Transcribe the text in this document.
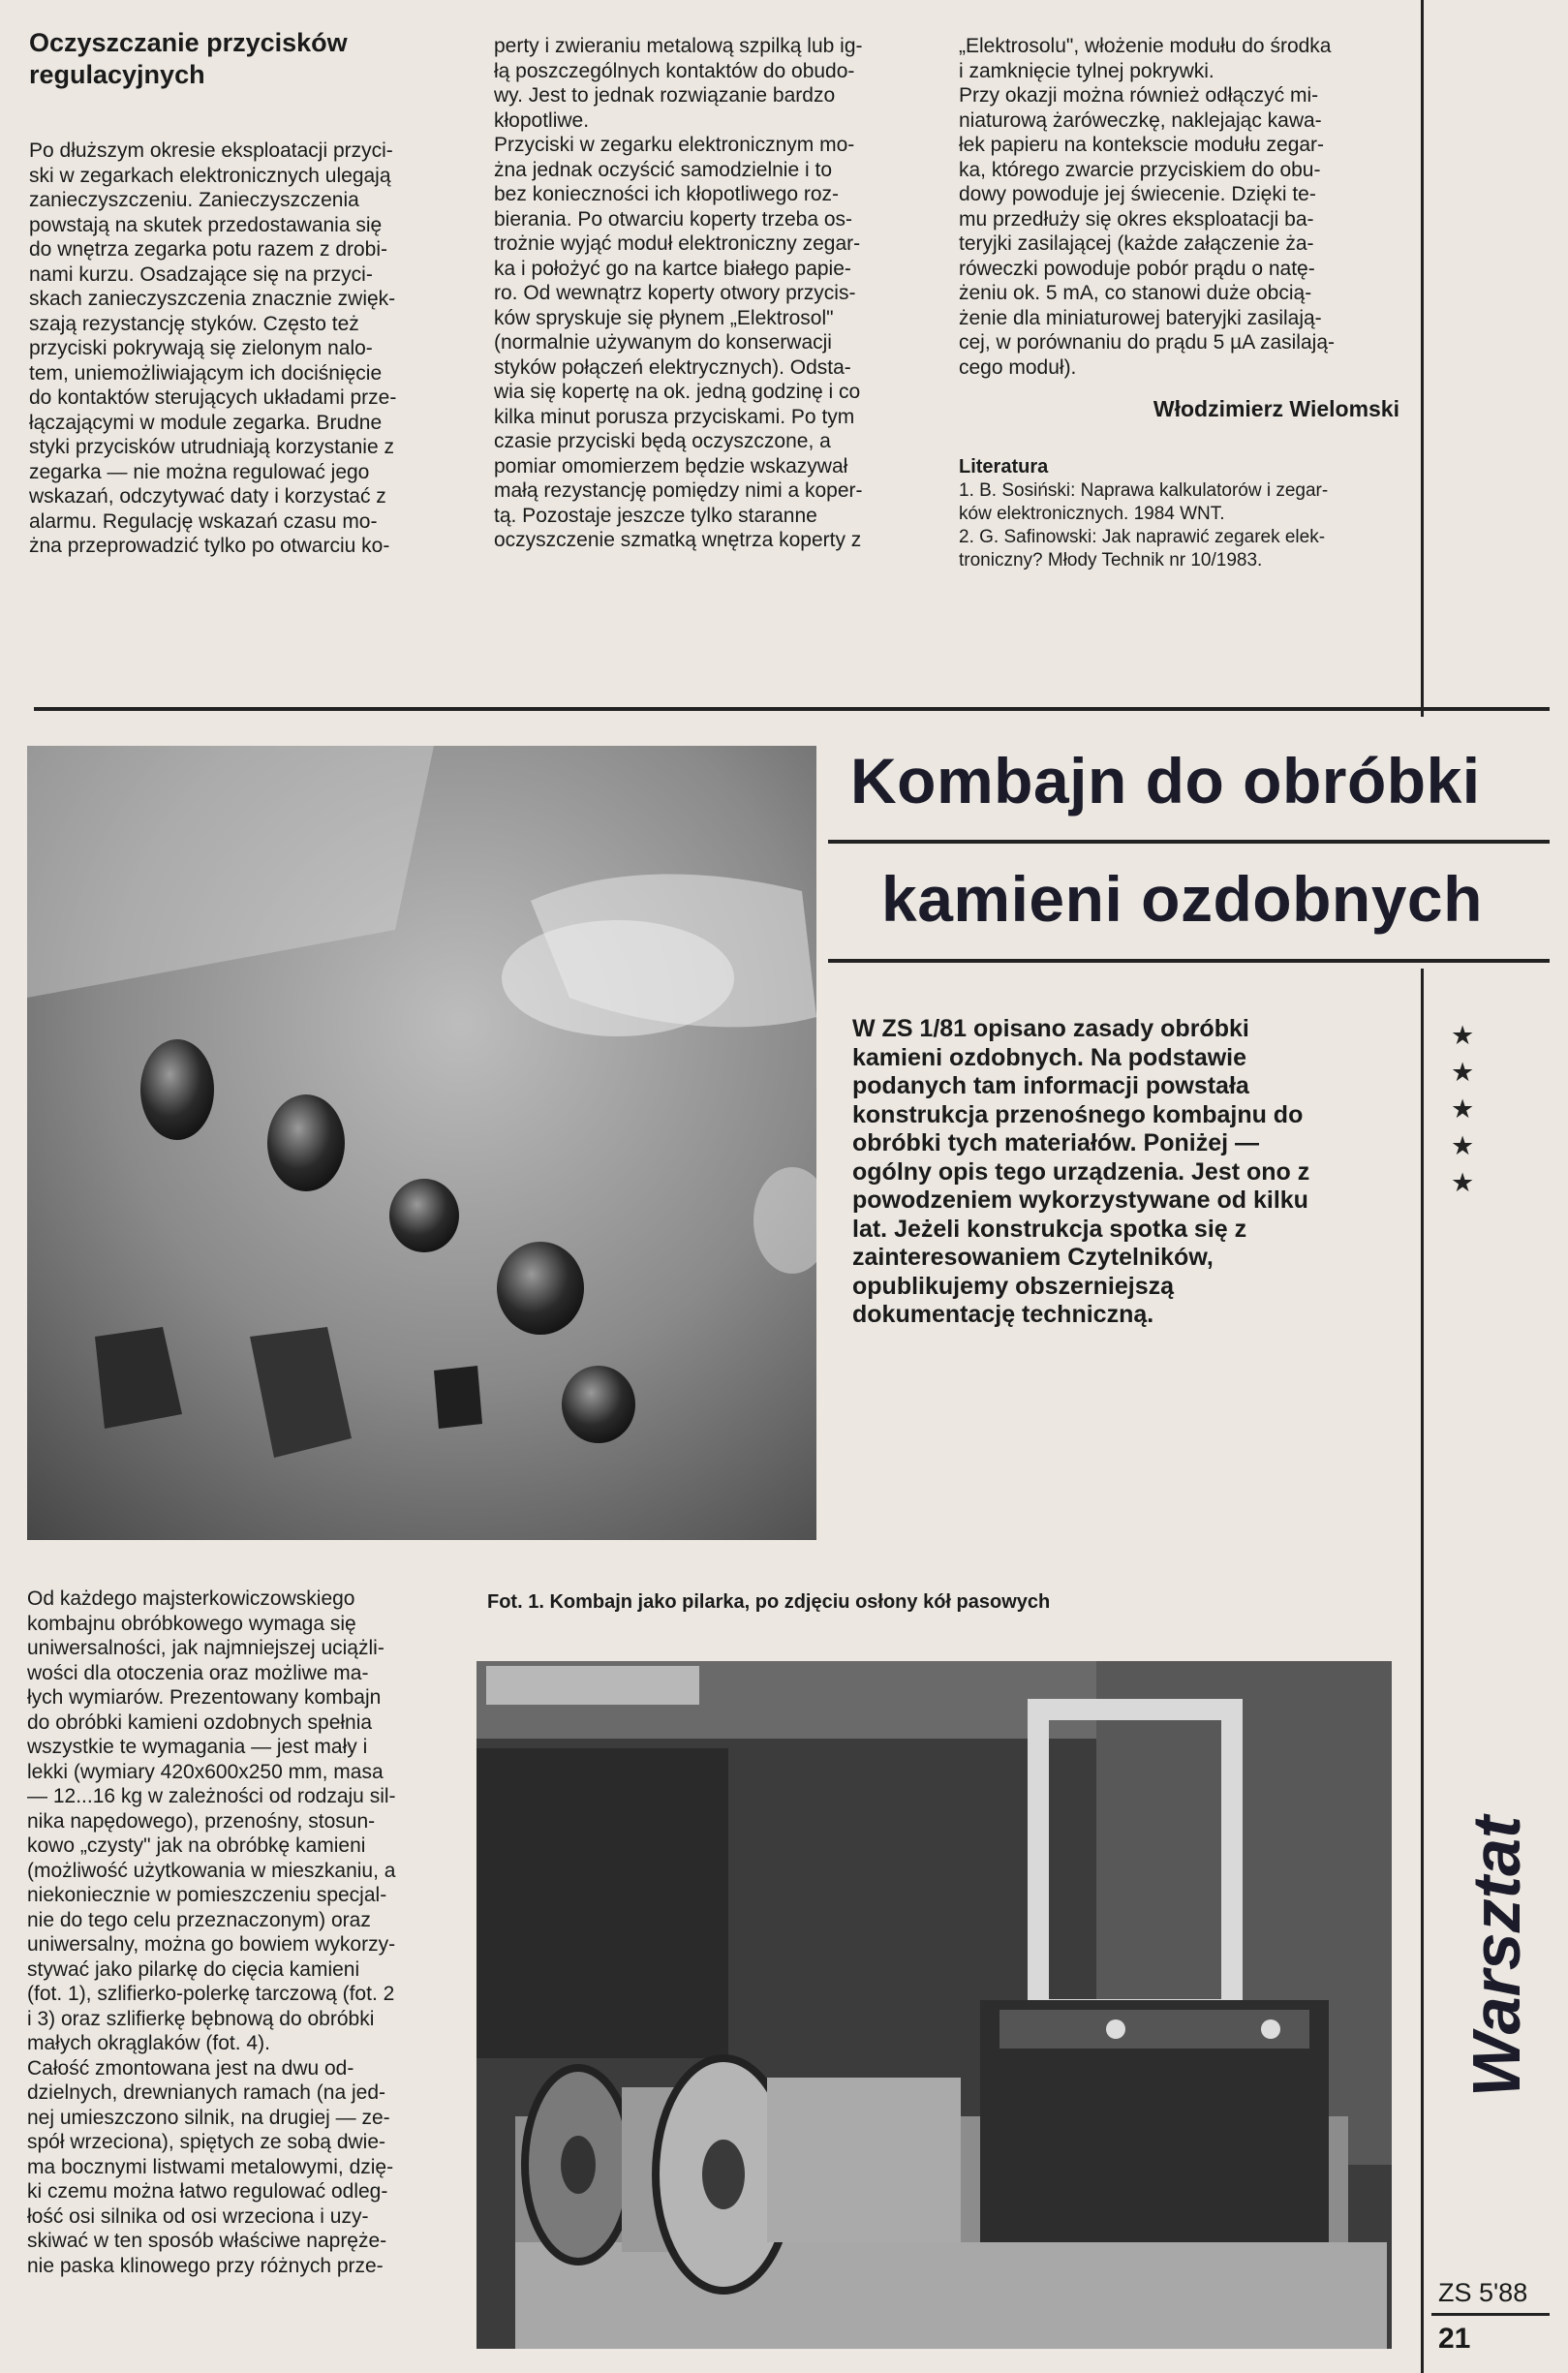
Oczyszczanie przycisków
regulacyjnych

Po dłuższym okresie eksploatacji przyci-
ski w zegarkach elektronicznych ulegają
zanieczyszczeniu. Zanieczyszczenia
powstają na skutek przedostawania się
do wnętrza zegarka potu razem z drobi-
nami kurzu. Osadzające się na przyci-
skach zanieczyszczenia znacznie zwięk-
szają rezystancję styków. Często też
przyciski pokrywają się zielonym nalo-
tem, uniemożliwiającym ich dociśnięcie
do kontaktów sterujących układami prze-
łączającymi w module zegarka. Brudne
styki przycisków utrudniają korzystanie z
zegarka — nie można regulować jego
wskazań, odczytywać daty i korzystać z
alarmu. Regulację wskazań czasu mo-
żna przeprowadzić tylko po otwarciu ko-

perty i zwieraniu metalową szpilką lub ig-
łą poszczególnych kontaktów do obudo-
wy. Jest to jednak rozwiązanie bardzo
kłopotliwe.
Przyciski w zegarku elektronicznym mo-
żna jednak oczyścić samodzielnie i to
bez konieczności ich kłopotliwego roz-
bierania. Po otwarciu koperty trzeba os-
trożnie wyjąć moduł elektroniczny zegar-
ka i położyć go na kartce białego papie-
ro. Od wewnątrz koperty otwory przycis-
ków spryskuje się płynem „Elektrosol"
(normalnie używanym do konserwacji
styków połączeń elektrycznych). Odsta-
wia się kopertę na ok. jedną godzinę i co
kilka minut porusza przyciskami. Po tym
czasie przyciski będą oczyszczone, a
pomiar omomierzem będzie wskazywał
małą rezystancję pomiędzy nimi a koper-
tą. Pozostaje jeszcze tylko staranne
oczyszczenie szmatką wnętrza koperty z

„Elektrosolu", włożenie modułu do środka
i zamknięcie tylnej pokrywki.
Przy okazji można również odłączyć mi-
niaturową żaróweczkę, naklejając kawa-
łek papieru na kontekscie modułu zegar-
ka, którego zwarcie przyciskiem do obu-
dowy powoduje jej świecenie. Dzięki te-
mu przedłuży się okres eksploatacji ba-
teryjki zasilającej (każde załączenie ża-
róweczki powoduje pobór prądu o natę-
żeniu ok. 5 mA, co stanowi duże obcią-
żenie dla miniaturowej bateryjki zasilają-
cej, w porównaniu do prądu 5 µA zasilają-
cego moduł).

Włodzimierz Wielomski

Literatura
1. B. Sosiński: Naprawa kalkulatorów i zegar-
ków elektronicznych. 1984 WNT.
2. G. Safinowski: Jak naprawić zegarek elek-
troniczny? Młody Technik nr 10/1983.
Kombajn do obróbki
kamieni ozdobnych
W ZS 1/81 opisano zasady obróbki
kamieni ozdobnych. Na podstawie
podanych tam informacji powstała
konstrukcja przenośnego kombajnu do
obróbki tych materiałów. Poniżej —
ogólny opis tego urządzenia. Jest ono z
powodzeniem wykorzystywane od kilku
lat. Jeżeli konstrukcja spotka się z
zainteresowaniem Czytelników,
opublikujemy obszerniejszą
dokumentację techniczną.
★
★
★
★
★

Od każdego majsterkowiczowskiego
kombajnu obróbkowego wymaga się
uniwersalności, jak najmniejszej uciążli-
wości dla otoczenia oraz możliwe ma-
łych wymiarów. Prezentowany kombajn
do obróbki kamieni ozdobnych spełnia
wszystkie te wymagania — jest mały i
lekki (wymiary 420x600x250 mm, masa
— 12...16 kg w zależności od rodzaju sil-
nika napędowego), przenośny, stosun-
kowo „czysty" jak na obróbkę kamieni
(możliwość użytkowania w mieszkaniu, a
niekoniecznie w pomieszczeniu specjal-
nie do tego celu przeznaczonym) oraz
uniwersalny, można go bowiem wykorzy-
stywać jako pilarkę do cięcia kamieni
(fot. 1), szlifierko-polerkę tarczową (fot. 2
i 3) oraz szlifierkę bębnową do obróbki
małych okrąglaków (fot. 4).
Całość zmontowana jest na dwu od-
dzielnych, drewnianych ramach (na jed-
nej umieszczono silnik, na drugiej — ze-
spół wrzeciona), spiętych ze sobą dwie-
ma bocznymi listwami metalowymi, dzię-
ki czemu można łatwo regulować odleg-
łość osi silnika od osi wrzeciona i uzy-
skiwać w ten sposób właściwe napręże-
nie paska klinowego przy różnych prze-

Fot. 1. Kombajn jako pilarka, po zdjęciu osłony kół pasowych
Warsztat
ZS 5'88
21
